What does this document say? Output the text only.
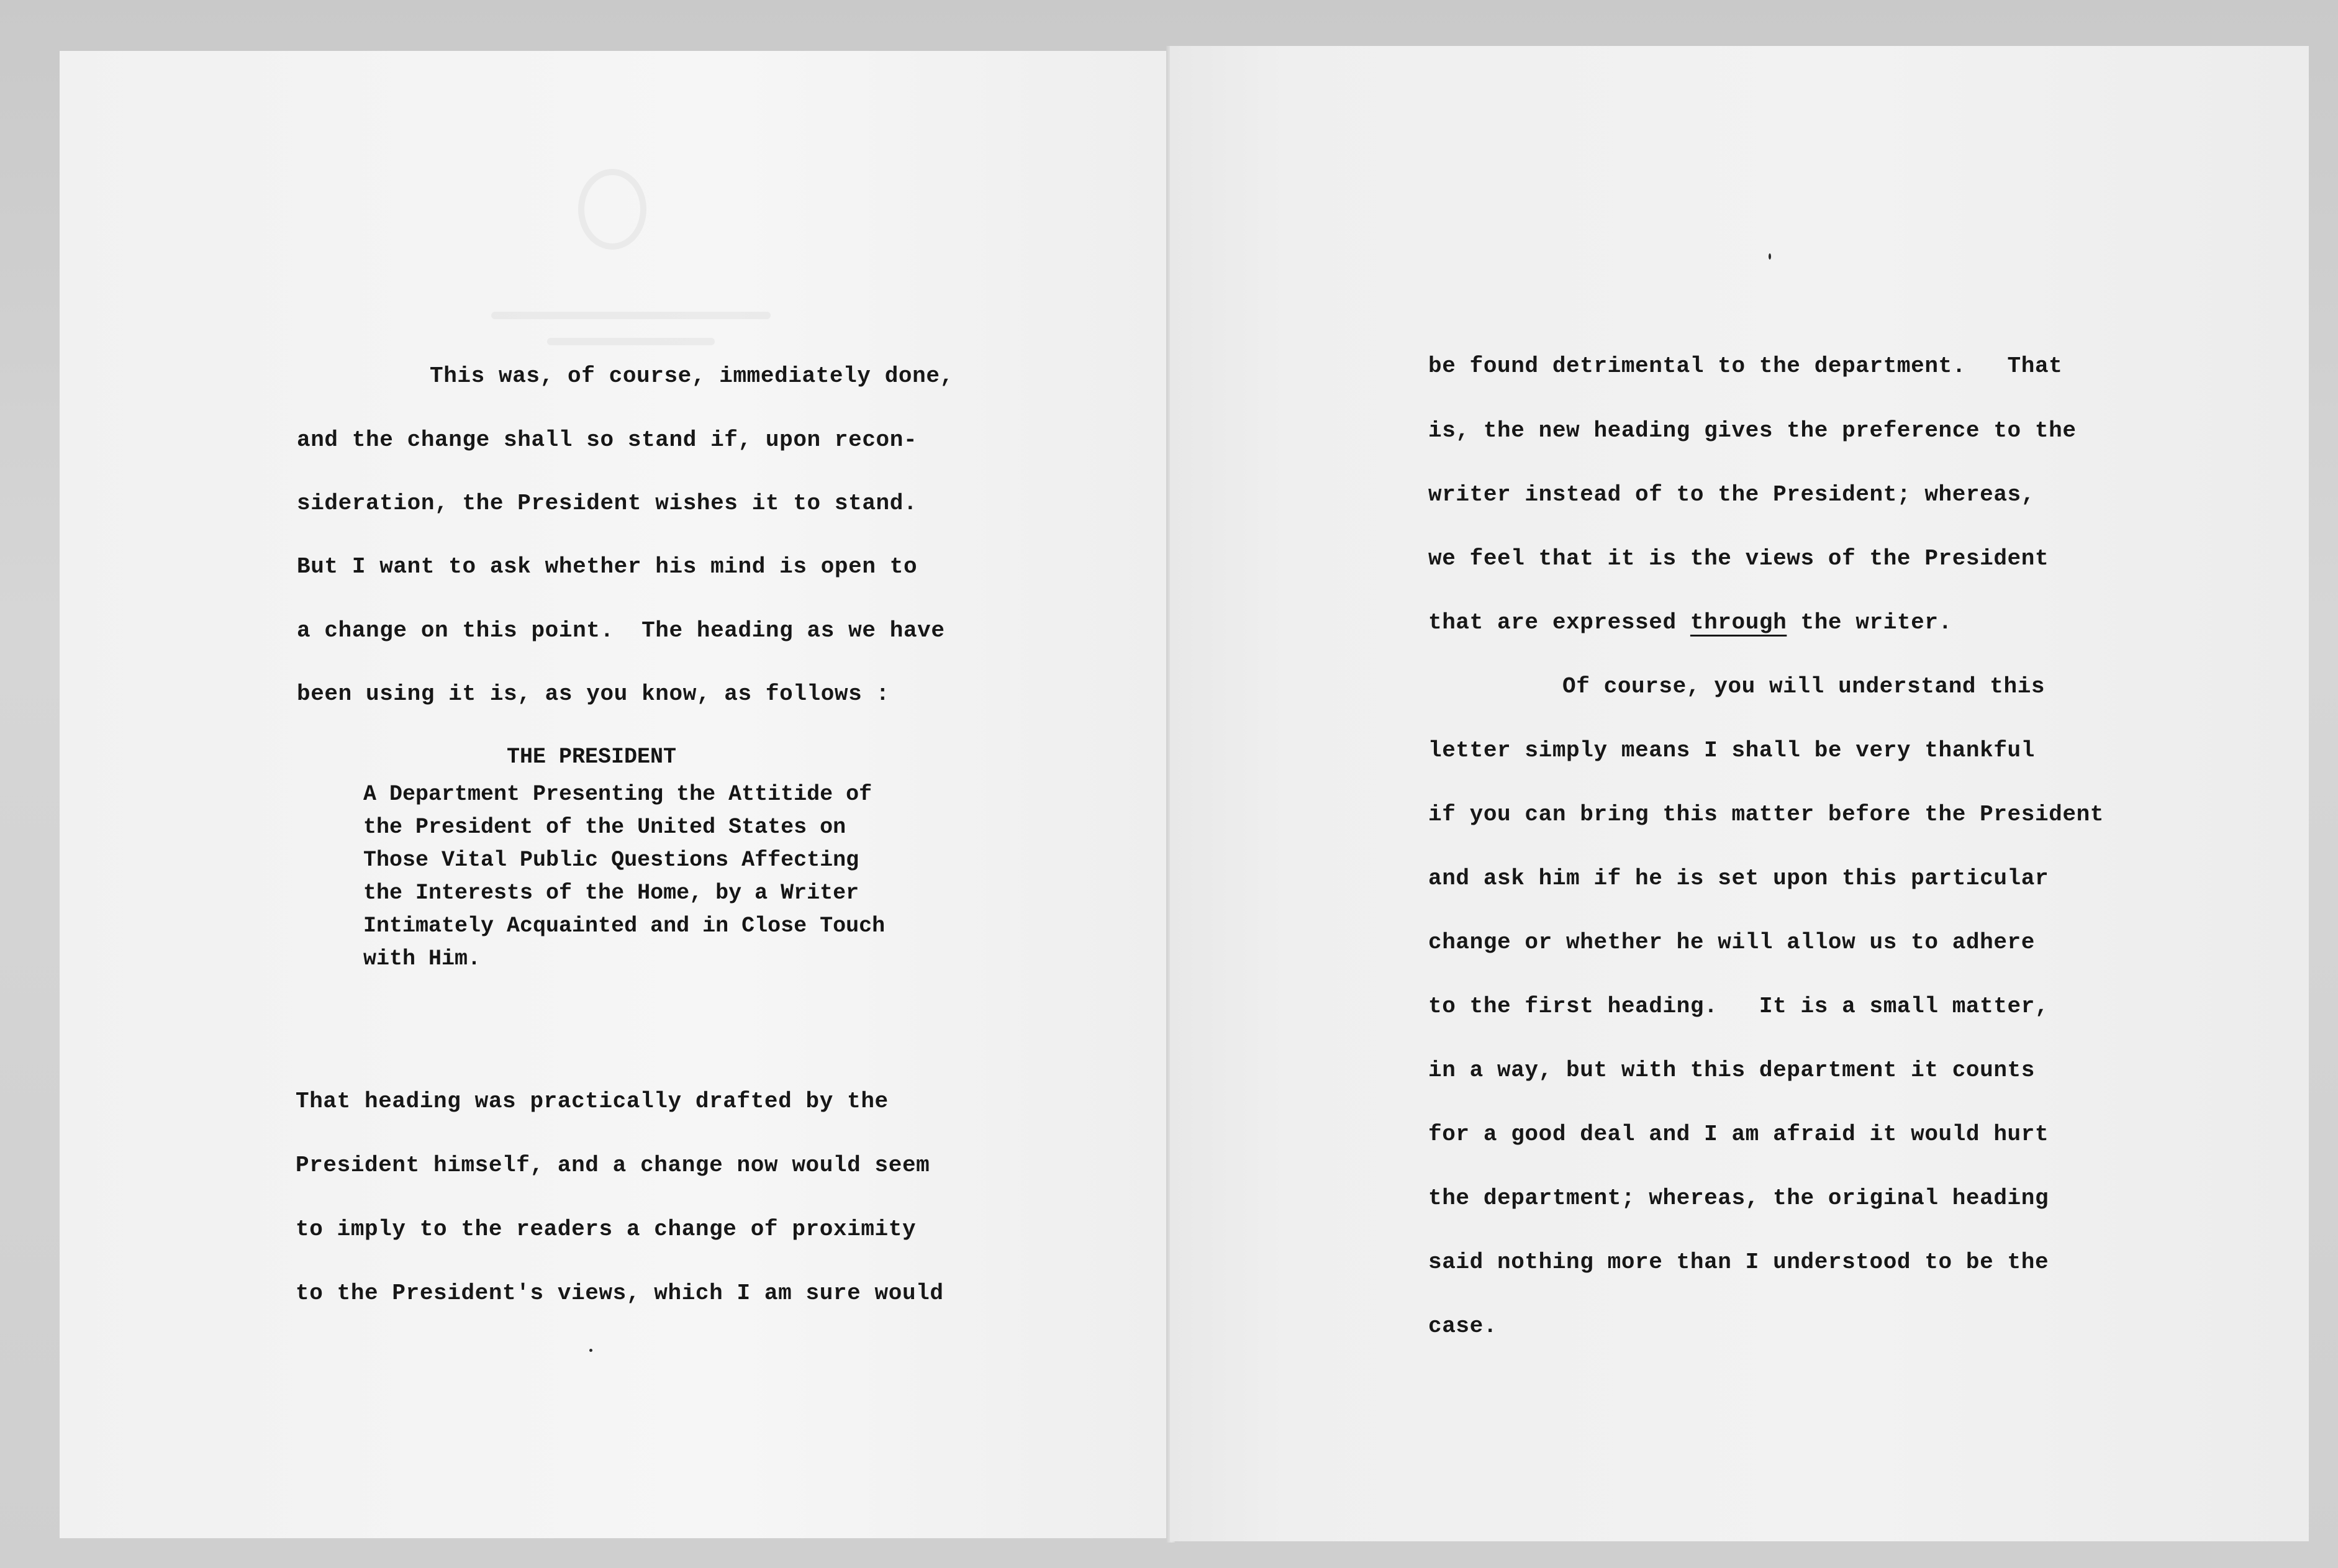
This was, of course, immediately done,
and the change shall so stand if, upon recon-
sideration, the President wishes it to stand.
But I want to ask whether his mind is open to
a change on this point.  The heading as we have
been using it is, as you know, as follows :
THE PRESIDENT
A Department Presenting the Attitide of
the President of the United States on
Those Vital Public Questions Affecting
the Interests of the Home, by a Writer
Intimately Acquainted and in Close Touch
with Him.
That heading was practically drafted by the
President himself, and a change now would seem
to imply to the readers a change of proximity
to the President's views, which I am sure would
be found detrimental to the department.   That
is, the new heading gives the preference to the
writer instead of to the President; whereas,
we feel that it is the views of the President
that are expressed through the writer.
Of course, you will understand this
letter simply means I shall be very thankful
if you can bring this matter before the President
and ask him if he is set upon this particular
change or whether he will allow us to adhere
to the first heading.   It is a small matter,
in a way, but with this department it counts
for a good deal and I am afraid it would hurt
the department; whereas, the original heading
said nothing more than I understood to be the
case.
